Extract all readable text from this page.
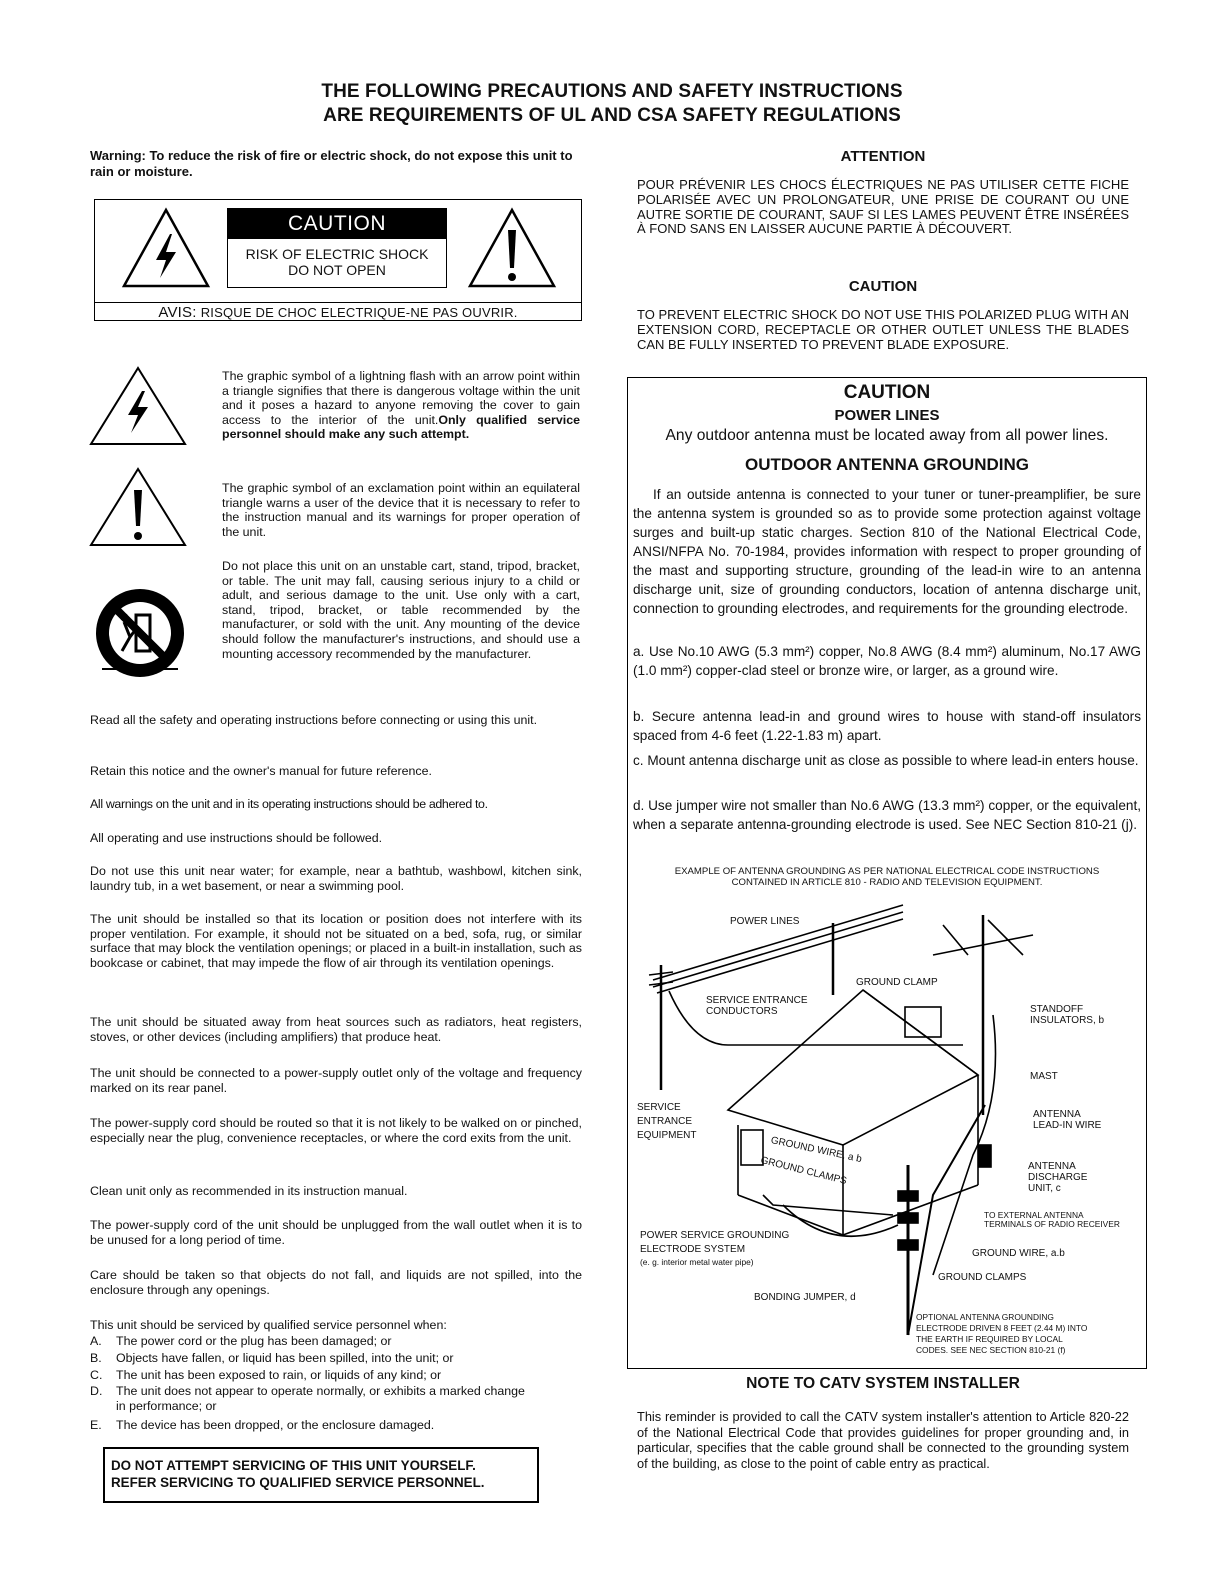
THE FOLLOWING PRECAUTIONS AND SAFETY INSTRUCTIONS
ARE REQUIREMENTS OF UL AND CSA SAFETY REGULATIONS

Warning: To reduce the risk of fire or electric shock, do not expose this unit to rain or moisture.

CAUTION
RISK OF ELECTRIC SHOCK
DO NOT OPEN
AVIS: RISQUE DE CHOC ELECTRIQUE-NE PAS OUVRIR.

The graphic symbol of a lightning flash with an arrow point within a triangle signifies that there is dangerous voltage within the unit and it poses a hazard to anyone removing the cover to gain access to the interior of the unit.Only qualified service personnel should make any such attempt.

The graphic symbol of an exclamation point within an equilateral triangle warns a user of the device that it is necessary to refer to the instruction manual and its warnings for proper operation of the unit.

Do not place this unit on an unstable cart, stand, tripod, bracket, or table. The unit may fall, causing serious injury to a child or adult, and serious damage to the unit. Use only with a cart, stand, tripod, bracket, or table recommended by the manufacturer, or sold with the unit. Any mounting of the device should follow the manufacturer's instructions, and should use a mounting accessory recommended by the manufacturer.

Read all the safety and operating instructions before connecting or using this unit.

Retain this notice and the owner's manual for future reference.

All warnings on the unit and in its operating instructions should be adhered to.

All operating and use instructions should be followed.

Do not use this unit near water; for example, near a bathtub, washbowl, kitchen sink, laundry tub, in a wet basement, or near a swimming pool.

The unit should be installed so that its location or position does not interfere with its proper ventilation. For example, it should not be situated on a bed, sofa, rug, or similar surface that may block the ventilation openings; or placed in a built-in installation, such as bookcase or cabinet, that may impede the flow of air through its ventilation openings.

The unit should be situated away from heat sources such as radiators, heat registers, stoves, or other devices (including amplifiers) that produce heat.

The unit should be connected to a power-supply outlet only of the voltage and frequency marked on its rear panel.

The power-supply cord should be routed so that it is not likely to be walked on or pinched, especially near the plug, convenience receptacles, or where the cord exits from the unit.

Clean unit only as recommended in its instruction manual.

The power-supply cord of the unit should be unplugged from the wall outlet when it is to be unused for a long period of time.

Care should be taken so that objects do not fall, and liquids are not spilled, into the enclosure through any openings.

This unit should be serviced by qualified service personnel when:

A. The power cord or the plug has been damaged; or
B. Objects have fallen, or liquid has been spilled, into the unit; or
C. The unit has been exposed to rain, or liquids of any kind; or
D. The unit does not appear to operate normally, or exhibits a marked change in performance; or
E. The device has been dropped, or the enclosure damaged.
DO NOT ATTEMPT SERVICING OF THIS UNIT YOURSELF.
REFER SERVICING TO QUALIFIED SERVICE PERSONNEL.
ATTENTION

POUR PRÉVENIR LES CHOCS ÉLECTRIQUES NE PAS UTILISER CETTE FICHE POLARISÉE AVEC UN PROLONGATEUR, UNE PRISE DE COURANT OU UNE AUTRE SORTIE DE COURANT, SAUF SI LES LAMES PEUVENT ÊTRE INSÉRÉES À FOND SANS EN LAISSER AUCUNE PARTIE À DÉCOUVERT.

CAUTION

TO PREVENT ELECTRIC SHOCK DO NOT USE THIS POLARIZED PLUG WITH AN EXTENSION CORD, RECEPTACLE OR OTHER OUTLET UNLESS THE BLADES CAN BE FULLY INSERTED TO PREVENT BLADE EXPOSURE.

CAUTION
POWER LINES
Any outdoor antenna must be located away from all power lines.
OUTDOOR ANTENNA GROUNDING

If an outside antenna is connected to your tuner or tuner-preamplifier, be sure the antenna system is grounded so as to provide some protection against voltage surges and built-up static charges. Section 810 of the National Electrical Code, ANSI/NFPA No. 70-1984, provides information with respect to proper grounding of the mast and supporting structure, grounding of the lead-in wire to an antenna discharge unit, size of grounding conductors, location of antenna discharge unit, connection to grounding electrodes, and requirements for the grounding electrode.

a. Use No.10 AWG (5.3 mm²) copper, No.8 AWG (8.4 mm²) aluminum, No.17 AWG (1.0 mm²) copper-clad steel or bronze wire, or larger, as a ground wire.

b. Secure antenna lead-in and ground wires to house with stand-off insulators spaced from 4-6 feet (1.22-1.83 m) apart.

c. Mount antenna discharge unit as close as possible to where lead-in enters house.

d. Use jumper wire not smaller than No.6 AWG (13.3 mm²) copper, or the equivalent, when a separate antenna-grounding electrode is used. See NEC Section 810-21 (j).

EXAMPLE OF ANTENNA GROUNDING AS PER NATIONAL ELECTRICAL CODE INSTRUCTIONS
CONTAINED IN ARTICLE 810 - RADIO AND TELEVISION EQUIPMENT.
POWER LINES
GROUND CLAMP
SERVICE ENTRANCE
CONDUCTORS	STANDOFF
INSULATORS, b
MAST
SERVICE
ENTRANCE
EQUIPMENT
ANTENNA
LEAD-IN WIRE
GROUND WIRE, a b
GROUND CLAMPS	ANTENNA
DISCHARGE
UNIT, c
TO EXTERNAL ANTENNA
TERMINALS OF RADIO RECEIVER
POWER SERVICE GROUNDING
ELECTRODE SYSTEM
(e. g. interior metal water pipe)
GROUND WIRE, a.b
GROUND CLAMPS
BONDING JUMPER, d
OPTIONAL ANTENNA GROUNDING
ELECTRODE DRIVEN 8 FEET (2.44 M) INTO
THE EARTH IF REQUIRED BY LOCAL
CODES. SEE NEC SECTION 810-21 (f)
NOTE TO CATV SYSTEM INSTALLER

This reminder is provided to call the CATV system installer's attention to Article 820-22 of the National Electrical Code that provides guidelines for proper grounding and, in particular, specifies that the cable ground shall be connected to the grounding system of the building, as close to the point of cable entry as practical.
